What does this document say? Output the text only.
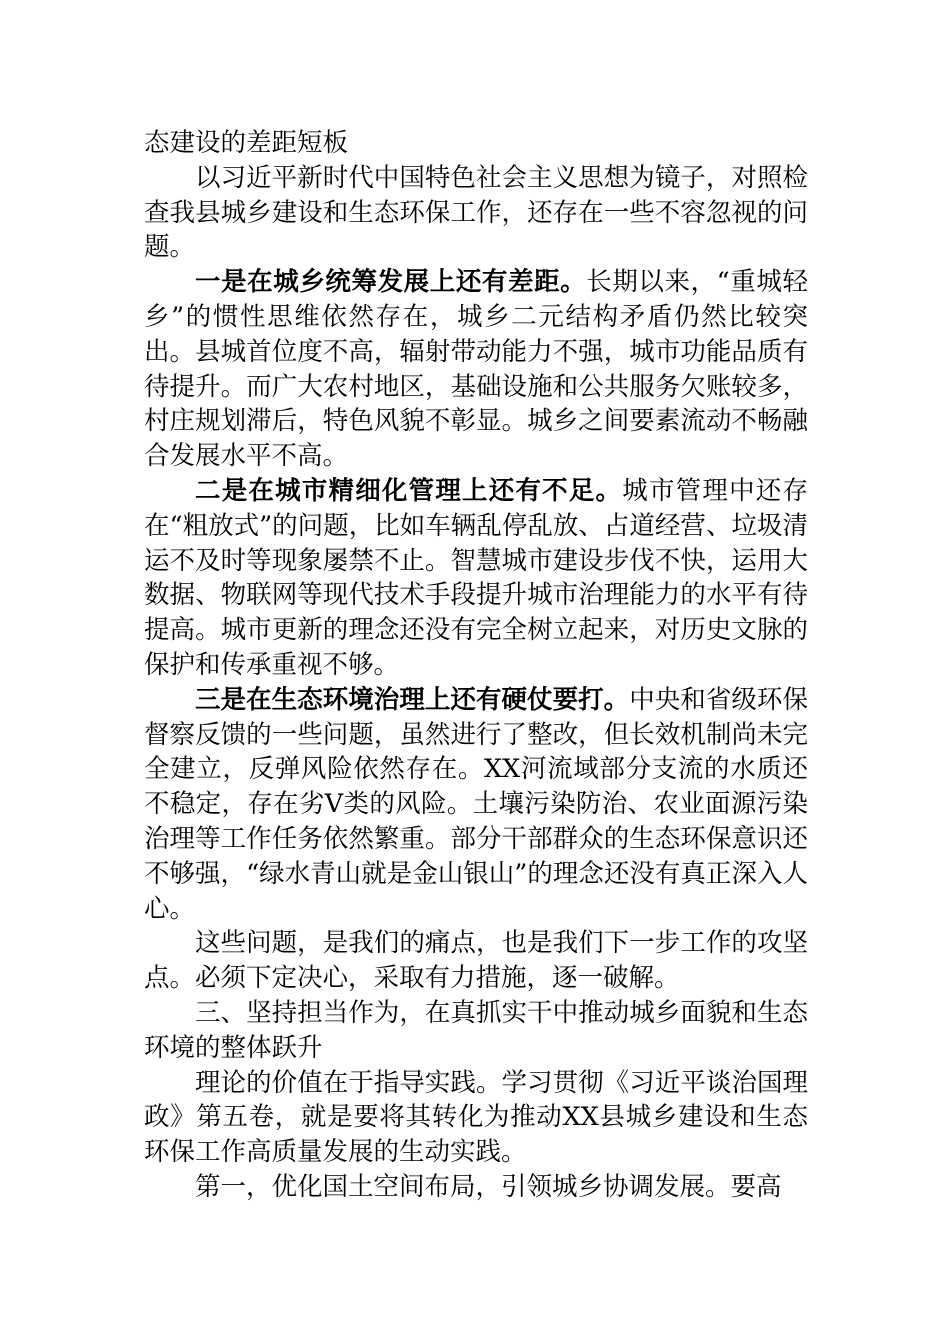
态建设的差距短板

以习近平新时代中国特色社会主义思想为镜子，对照检查我县城乡建设和生态环保工作，还存在一些不容忽视的问题。

一是在城乡统筹发展上还有差距。长期以来，“重城轻乡”的惯性思维依然存在，城乡二元结构矛盾仍然比较突出。县城首位度不高，辐射带动能力不强，城市功能品质有待提升。而广大农村地区，基础设施和公共服务欠账较多，村庄规划滞后，特色风貌不彰显。城乡之间要素流动不畅融合发展水平不高。

二是在城市精细化管理上还有不足。城市管理中还存在“粗放式”的问题，比如车辆乱停乱放、占道经营、垃圾清运不及时等现象屡禁不止。智慧城市建设步伐不快，运用大数据、物联网等现代技术手段提升城市治理能力的水平有待提高。城市更新的理念还没有完全树立起来，对历史文脉的保护和传承重视不够。

三是在生态环境治理上还有硬仗要打。中央和省级环保督察反馈的一些问题，虽然进行了整改，但长效机制尚未完全建立，反弹风险依然存在。XX河流域部分支流的水质还不稳定，存在劣Ⅴ类的风险。土壤污染防治、农业面源污染治理等工作任务依然繁重。部分干部群众的生态环保意识还不够强，“绿水青山就是金山银山”的理念还没有真正深入人心。

这些问题，是我们的痛点，也是我们下一步工作的攻坚点。必须下定决心，采取有力措施，逐一破解。

三、坚持担当作为，在真抓实干中推动城乡面貌和生态环境的整体跃升

理论的价值在于指导实践。学习贯彻《习近平谈治国理政》第五卷，就是要将其转化为推动XX县城乡建设和生态环保工作高质量发展的生动实践。

第一，优化国土空间布局，引领城乡协调发展。要高
